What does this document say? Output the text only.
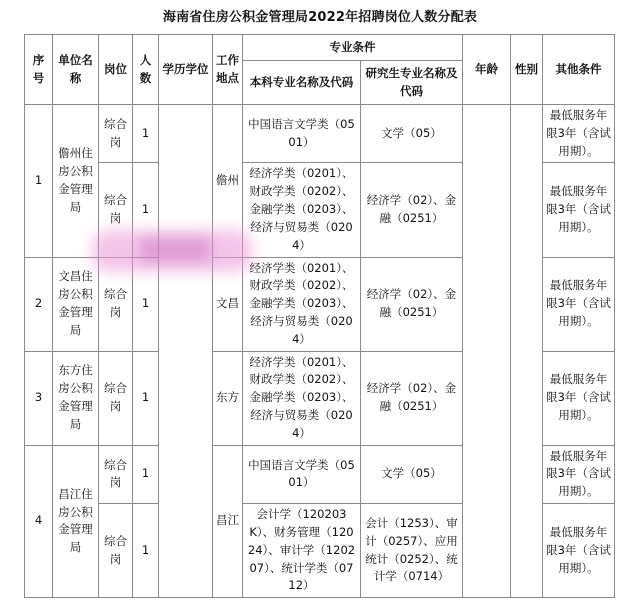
海南省住房公积金管理局2022年招聘岗位人数分配表
序号	单位名称	岗位	人数	学历学位	工作地点	专业条件		年龄	性别	其他条件
						本科专业名称及代码	研究生专业名称及代码			
1	儋州住房公积金管理局	综合岗	1		儋州	中国语言文学类（0501）	文学（05）			最低服务年限3年（含试用期）。
		综合岗	1			经济学类（0201）、财政学类（0202）、金融学类（0203）、经济与贸易类（0204）	经济学（02）、金融（0251）			最低服务年限3年（含试用期）。
2	文昌住房公积金管理局	综合岗	1		文昌	经济学类（0201）、财政学类（0202）、金融学类（0203）、经济与贸易类（0204）	经济学（02）、金融（0251）			最低服务年限3年（含试用期）。
3	东方住房公积金管理局	综合岗	1		东方	经济学类（0201）、财政学类（0202）、金融学类（0203）、经济与贸易类（0204）	经济学（02）、金融（0251）			最低服务年限3年（含试用期）。
4	昌江住房公积金管理局	综合岗	1		昌江	中国语言文学类（0501）	文学（05）			最低服务年限3年（含试用期）。
		综合岗	1			会计学（120203K）、财务管理（12024）、审计学（120207）、统计学类（0712）	会计（1253）、审计（0257）、应用统计（0252）、统计学（0714）			最低服务年限3年（含试用期）。
